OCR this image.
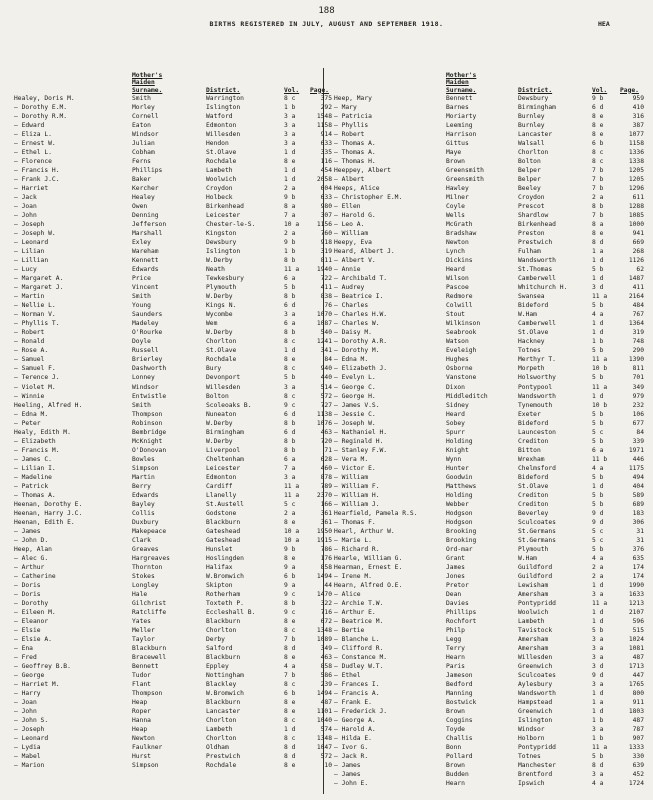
188
BIRTHS REGISTERED IN JULY, AUGUST AND SEPTEMBER 1918.	HEA
Mother's
Maiden
Surname.	District.	Vol. Page.
Healey, Doris M.	Smith	Warrington	8 c	375
— Dorothy E.M.	Morley	Islington	1 b	292
— Dorothy R.M.	Cornell	Watford	3 a	1548
— Edward	Eaton	Edmonton	3 a	1158
— Eliza L.	Windsor	Willesden	3 a	914
— Ernest W.	Julian	Hendon	3 a	633
— Ethel L.	Cobham	St.Olave	1 d	335
— Florence	Ferns	Rochdale	8 e	116
— Francis H.	Phillips	Lambeth	1 d	454
— Frank J.C.	Baker	Woolwich	1 d	2058
— Harriet	Kercher	Croydon	2 a	604
— Jack	Healey	Holbeck	9 b	633
— Joan	Owen	Birkenhead	8 a	980
— John	Denning	Leicester	7 a	307
— Joseph	Jefferson	Chester-le-S.	10 a	1156
— Joseph W.	Marshall	Kingston	2 a	760
— Leonard	Exley	Dewsbury	9 b	918
— Lilian	Wareham	Islington	1 b	319
— Lillian	Kennett	W.Derby	8 b	811
— Lucy	Edwards	Neath	11 a	1940
— Margaret A.	Price	Tewkesbury	6 a	722
— Margaret J.	Vincent	Plymouth	5 b	411
— Martin	Smith	W.Derby	8 b	838
— Nellie L.	Young	Kings N.	6 d	76
— Norman V.	Saunders	Wycombe	3 a	1070
— Phyllis T.	Madeley	Wem	6 a	1087
— Robert	O'Rourke	W.Derby	8 b	540
— Ronald	Doyle	Chorlton	8 c	1241
— Rose A.	Russell	St.Olave	1 d	341
— Samuel	Brierley	Rochdale	8 e	84
— Samuel F.	Dashworth	Bury	8 c	940
— Terence J.	Lonney	Devonport	5 b	440
— Violet M.	Windsor	Willesden	3 a	514
— Winnie	Entwistle	Bolton	8 c	572
Heeling, Alfred H.	Smith	Scoleoaks B.	9 c	727
— Edna M.	Thompson	Nuneaton	6 d	1138
— Peter	Robinson	W.Derby	8 b	1076
Healy, Edith M.	Bembridge	Birmingham	6 d	463
— Elizabeth	McKnight	W.Derby	8 b	720
— Francis M.	O'Donovan	Liverpool	8 b	71
— James C.	Bowles	Cheltenham	6 a	628
— Lilian I.	Simpson	Leicester	7 a	460
— Madeline	Martin	Edmonton	3 a	878
— Patrick	Berry	Cardiff	11 a	789
— Thomas A.	Edwards	Llanelly	11 a	2370
Heenan, Dorothy E.	Bayley	St.Austell	5 c	166
Heenan, Harry J.C.	Collis	Godstone	2 a	361
Heenan, Edith E.	Duxbury	Blackburn	8 e	361
— James	Makepeace	Gateshead	10 a	1950
— John D.	Clark	Gateshead	10 a	1915
Heep, Alan	Greaves	Hunslet	9 b	786
— Alec G.	Hargreaves	Hoslingden	8 e	176
— Arthur	Thornton	Halifax	9 a	858
— Catherine	Stokes	W.Bromwich	6 b	1494
— Doris	Longley	Skipton	9 a	44
— Doris	Hale	Rotherham	9 c	1470
— Dorothy	Gilchrist	Toxteth P.	8 b	322
— Eileen M.	Ratcliffe	Eccleshall B.	9 c	716
— Eleanor	Yates	Blackburn	8 e	672
— Elsie	Meller	Chorlton	8 c	1348
— Elsie A.	Taylor	Derby	7 b	1089
— Ena	Blackburn	Salford	8 d	349
— Fred	Bracewell	Blackburn	8 e	463
— Geoffrey B.B.	Bennett	Eppley	4 a	858
— George	Tudor	Nottingham	7 b	586
— Harriet M.	Flant	Blackley	8 c	239
— Harry	Thompson	W.Bromwich	6 b	1494
— Joan	Heap	Blackburn	8 e	487
— John	Roper	Lancaster	8 e	1101
— John S.	Hanna	Chorlton	8 c	1040
— Joseph	Heap	Lambeth	1 d	574
— Leonard	Newton	Chorlton	8 c	1348
— Lydia	Faulkner	Oldham	8 d	1047
— Mabel	Hurst	Prestwich	8 d	572
— Marion	Simpson	Rochdale	8 e	10
Mother's
Maiden
Surname.	District.	Vol. Page.
Heep, Mary	Bennett	Dewsbury	9 b	959
— Mary	Barnes	Birmingham	6 d	410
— Patricia	Moriarty	Burnley	8 e	316
— Phyllis	Leeming	Burnley	8 e	387
— Robert	Harrison	Lancaster	8 e	1077
— Thomas A.	Gittus	Walsall	6 b	1158
— Thomas A.	Maye	Chorlton	8 c	1336
— Thomas H.	Brown	Bolton	8 c	1338
Heeppey, Albert	Greensmith	Belper	7 b	1205
— Albert	Greensmith	Belper	7 b	1205
Heeps, Alice	Hawley	Beeley	7 b	1296
— Christopher E.M.	Milner	Croydon	2 a	611
— Ellen	Coyle	Prescot	8 b	1288
— Harold G.	Wells	Shardlow	7 b	1085
— Leo A.	McGrath	Birkenhead	8 a	1000
— William	Bradshaw	Preston	8 e	941
Heepy, Eva	Newton	Prestwich	8 d	669
Heard, Albert J.	Lynch	Fulham	1 a	268
— Albert V.	Dickins	Wandsworth	1 d	1126
— Annie	Heard	St.Thomas	5 b	62
— Archibald T.	Wilson	Camberwell	1 d	1487
— Audrey	Pascoe	Whitchurch H.	3 d	411
— Beatrice I.	Redmore	Swansea	11 a	2164
— Charles	Colwill	Bideford	5 b	484
— Charles H.W.	Stout	W.Ham	4 a	767
— Charles W.	Wilkinson	Camberwell	1 d	1364
— Daisy M.	Seabrook	St.Olave	1 d	319
— Dorothy A.R.	Watson	Hackney	1 b	748
— Dorothy M.	Eveleigh	Totnes	5 b	290
— Edna M.	Hughes	Merthyr T.	11 a	1390
— Elizabeth J.	Osborne	Morpeth	10 b	811
— Evelyn L.	Vanstone	Holsworthy	5 b	701
— George C.	Dixon	Pontypool	11 a	349
— George H.	Middleditch	Wandsworth	1 d	979
— James V.S.	Sidney	Tynemouth	10 b	232
— Jessie C.	Heard	Exeter	5 b	106
— Joseph W.	Sobey	Bideford	5 b	677
— Nathaniel H.	Spurr	Launceston	5 c	84
— Reginald H.	Holding	Crediton	5 b	339
— Stanley F.W.	Knight	Bitton	6 a	1971
— Vera M.	Wynn	Wrexham	11 b	446
— Victor E.	Hunter	Chelmsford	4 a	1175
— William	Goodwin	Bideford	5 b	494
— William F.	Matthews	St.Olave	1 d	404
— William H.	Holding	Crediton	5 b	589
— William J.	Webber	Crediton	5 b	689
Hearfield, Pamela R.S.	Hodgson	Beverley	9 d	183
— Thomas F.	Hodgson	Sculcoates	9 d	306
Hearl, Arthur W.	Brooking	St.Germans	5 c	31
— Marie L.	Brooking	St.Germans	5 c	31
— Richard R.	Ord-mar	Plymouth	5 b	376
Hearle, William G.	Grant	W.Ham	4 a	635
Hearman, Ernest E.	James	Guildford	2 a	174
— Irene M.	Jones	Guildford	2 a	174
Hearn, Alfred O.E.	Pretor	Lewisham	1 d	1990
— Alice	Dean	Amersham	3 a	1633
— Archie T.W.	Davies	Pontypridd	11 a	1213
— Arthur E.	Phillips	Woolwich	1 d	2107
— Beatrice M.	Rochfort	Lambeth	1 d	596
— Bertie	Philp	Tavistock	5 b	515
— Blanche L.	Legg	Amersham	3 a	1024
— Clifford R.	Terry	Amersham	3 a	1081
— Constance M.	Hearn	Willesden	3 a	487
— Dudley W.T.	Paris	Greenwich	3 d	1713
— Ethel	Jameson	Sculcoates	9 d	447
— Frances I.	Bedford	Aylesbury	3 a	1765
— Francis A.	Manning	Wandsworth	1 d	800
— Frank E.	Bostwick	Hampstead	1 a	911
— Frederick J.	Brown	Greenwich	1 d	1803
— George A.	Coggins	Islington	1 b	487
— Harold A.	Toyde	Windsor	3 a	787
— Hilda E.	Challis	Holborn	1 b	907
— Ivor G.	Bonn	Pontypridd	11 a	1333
— Jack R.	Pollard	Totnes	5 b	330
— James	Brown	Manchester	8 d	639
— James	Budden	Brentford	3 a	452
— John E.	Hearn	Ipswich	4 a	1724
